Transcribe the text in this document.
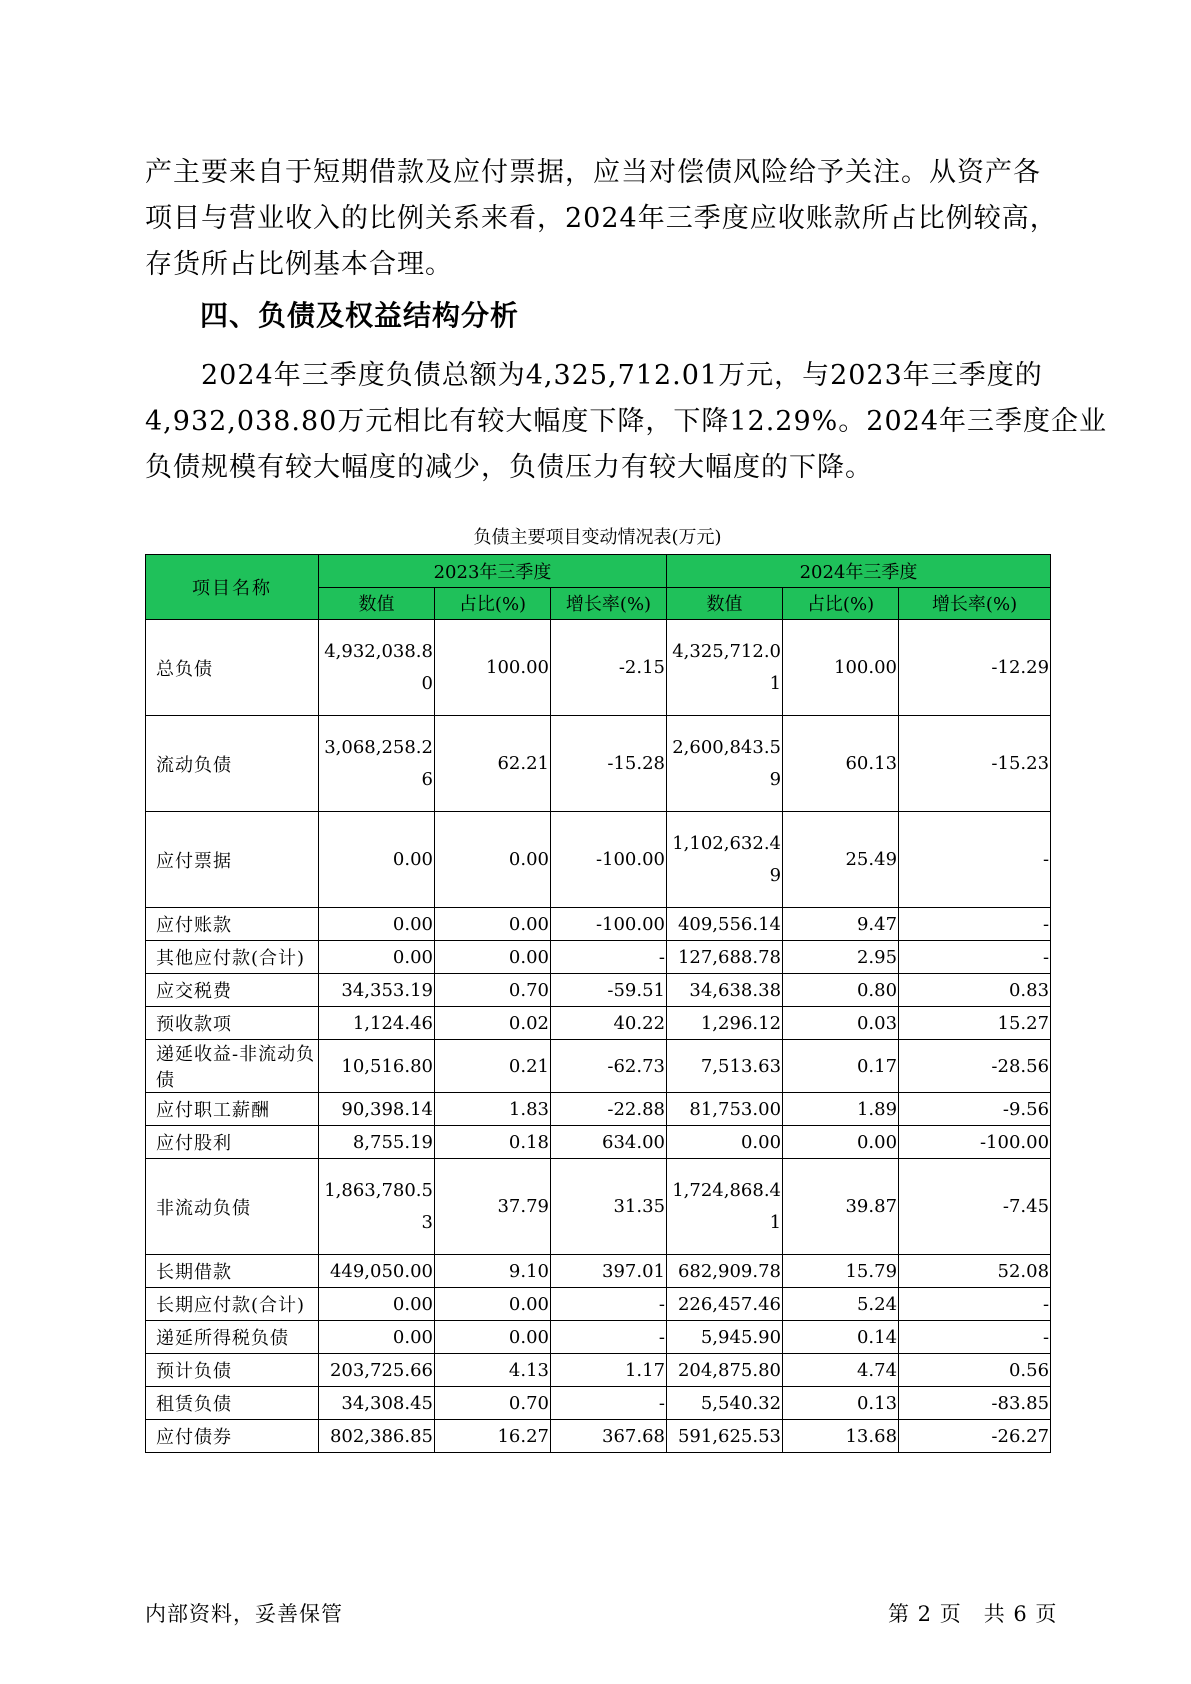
产主要来自于短期借款及应付票据，应当对偿债风险给予关注。从资产各
项目与营业收入的比例关系来看，2024年三季度应收账款所占比例较高，
存货所占比例基本合理。

四、负债及权益结构分析

　　2024年三季度负债总额为4,325,712.01万元，与2023年三季度的
4,932,038.80万元相比有较大幅度下降，下降12.29%。2024年三季度企业
负债规模有较大幅度的减少，负债压力有较大幅度的下降。

负债主要项目变动情况表(万元)
项目名称	2023年三季度			2024年三季度		
	数值	占比(%)	增长率(%)	数值	占比(%)	增长率(%)
总负债	4,932,038.80	100.00	-2.15	4,325,712.01	100.00	-12.29
流动负债	3,068,258.26	62.21	-15.28	2,600,843.59	60.13	-15.23
应付票据	0.00	0.00	-100.00	1,102,632.49	25.49	-
应付账款	0.00	0.00	-100.00	409,556.14	9.47	-
其他应付款(合计)	0.00	0.00	-	127,688.78	2.95	-
应交税费	34,353.19	0.70	-59.51	34,638.38	0.80	0.83
预收款项	1,124.46	0.02	40.22	1,296.12	0.03	15.27
递延收益-非流动负债	10,516.80	0.21	-62.73	7,513.63	0.17	-28.56
应付职工薪酬	90,398.14	1.83	-22.88	81,753.00	1.89	-9.56
应付股利	8,755.19	0.18	634.00	0.00	0.00	-100.00
非流动负债	1,863,780.53	37.79	31.35	1,724,868.41	39.87	-7.45
长期借款	449,050.00	9.10	397.01	682,909.78	15.79	52.08
长期应付款(合计)	0.00	0.00	-	226,457.46	5.24	-
递延所得税负债	0.00	0.00	-	5,945.90	0.14	-
预计负债	203,725.66	4.13	1.17	204,875.80	4.74	0.56
租赁负债	34,308.45	0.70	-	5,540.32	0.13	-83.85
应付债券	802,386.85	16.27	367.68	591,625.53	13.68	-26.27
内部资料，妥善保管	第 2 页　共 6 页
